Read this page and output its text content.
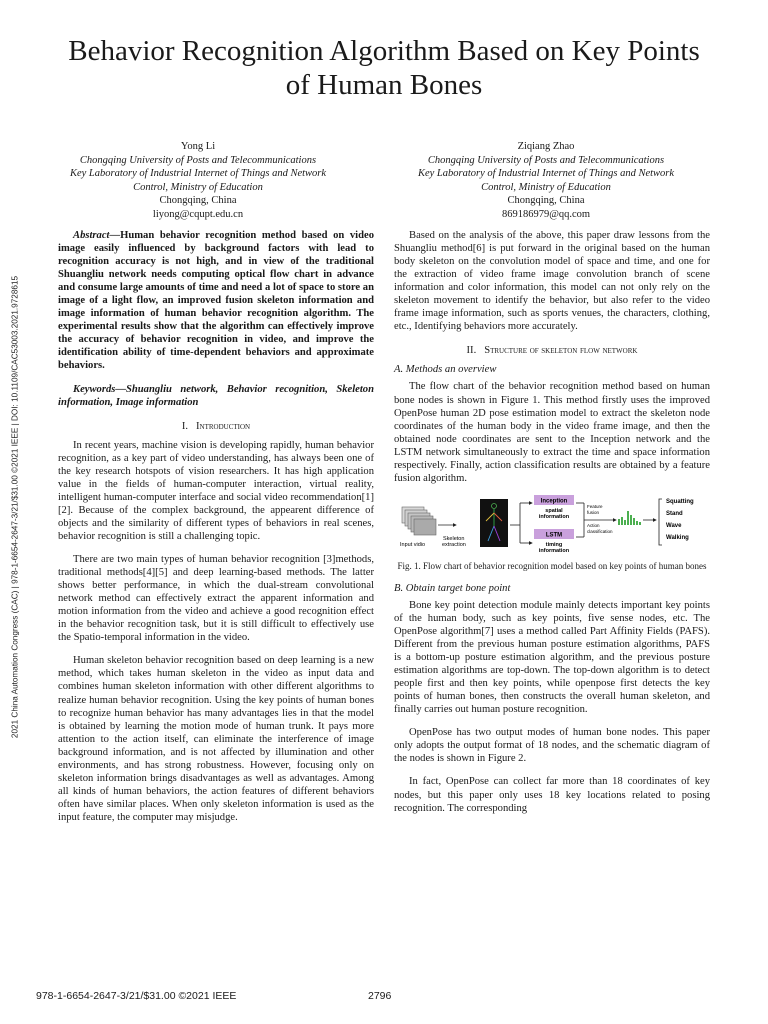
2021 China Automation Congress (CAC) | 978-1-6654-2647-3/21/$31.00 ©2021 IEEE | DOI: 10.1109/CAC53003.2021.9728615
Behavior Recognition Algorithm Based on Key Points of Human Bones
Yong Li
Chongqing University of Posts and Telecommunications
Key Laboratory of Industrial Internet of Things and Network
Control, Ministry of Education
Chongqing, China
liyong@cqupt.edu.cn
Ziqiang Zhao
Chongqing University of Posts and Telecommunications
Key Laboratory of Industrial Internet of Things and Network
Control, Ministry of Education
Chongqing, China
869186979@qq.com

Abstract—Human behavior recognition method based on video image easily influenced by background factors with lead to recognition accuracy is not high, and in view of the traditional Shuangliu network needs computing optical flow chart in advance and consume large amounts of time and need a lot of space to store an image of a light flow, an improved fusion skeleton information and image information of human behavior recognition algorithm. The experimental results show that the algorithm can effectively improve the accuracy of behavior recognition in video, and improve the identification ability of time-dependent behaviors and approximate behaviors.

Keywords—Shuangliu network, Behavior recognition, Skeleton information, Image information

I. Introduction

In recent years, machine vision is developing rapidly, human behavior recognition, as a key part of video understanding, has always been one of the key research hotspots of vision researchers. It has high application value in the fields of human-computer interaction, virtual reality, intelligent human-computer interface and social video recommendation[1][2]. Because of the complex background, the appearent difference of objects and the similarity of different types of behaviors in real scenes, behavior recognition is still a challenging topic.

There are two main types of human behavior recognition [3]methods, traditional methods[4][5] and deep learning-based methods. The latter shows better performance, in which the dual-stream convolutional network method can effectively extract the apparent information and motion information from the video and achieve a good recognition effect in the behavior recognition task, but it is still difficult to effectively use the Spatio-temporal information in the video.

Human skeleton behavior recognition based on deep learning is a new method, which takes human skeleton in the video as input data and combines human skeleton information with other different algorithms to realize human behavior recognition. Using the key points of human bones to recognize human behavior has many advantages lies in that the model is obtained by learning the motion mode of human trunk. It pays more attention to the action itself, can eliminate the interference of image background information, and is not affected by illumination and other environments, and has strong robustness. However, focusing only on skeleton information brings disadvantages as well as advantages. Among all kinds of human behaviors, the action features of different behaviors often have similar places. When only skeleton information is used as the input feature, the computer may misjudge.

Based on the analysis of the above, this paper draw lessons from the Shuangliu method[6] is put forward in the original based on the human body skeleton on the convolution model of space and time, and one for the extraction of video frame image convolution branch of scene information and color information, this model can not only rely on the skeleton movement to identify the behavior, but also refer to the video frame image information, such as sports venues, the characters, clothing, etc., Identifying behaviors more accurately.

II. Structure of skeleton flow network

A. Methods an overview

The flow chart of the behavior recognition method based on human bone nodes is shown in Figure 1. This method firstly uses the improved OpenPose human 2D pose estimation model to extract the skeleton node coordinates of the human body in the video frame image, and then the obtained node coordinates are sent to the Inception network and the LSTM network simultaneously to extract the time and space information respectively. Finally, action classification results are obtained by a feature fusion algorithm.

Input vidio
Skeleton
extraction
Inception
spatial
information
LSTM
timing
information
Feature
fusion
Action
classification
Squatting
Stand
Wave
Walking

Fig. 1. Flow chart of behavior recognition model based on key points of human bones

B. Obtain target bone point

Bone key point detection module mainly detects important key points of the human body, such as key points, five sense nodes, etc. The OpenPose algorithm[7] uses a method called Part Affinity Fields (PAFS). Different from the previous human posture estimation algorithms, PAFS is a bottom-up posture estimation algorithm, and the previous posture estimation algorithms are top-down. The top-down algorithm is to detect people first and then key points, while openpose first detects the key points of human bones, then constructs the overall human skeleton, and finally carries out human posture recognition.

OpenPose has two output modes of human bone nodes. This paper only adopts the output format of 18 nodes, and the schematic diagram of the nodes is shown in Figure 2.

In fact, OpenPose can collect far more than 18 coordinates of key nodes, but this paper only uses 18 key locations related to posing recognition. The corresponding

978-1-6654-2647-3/21/$31.00 ©2021 IEEE	2796
